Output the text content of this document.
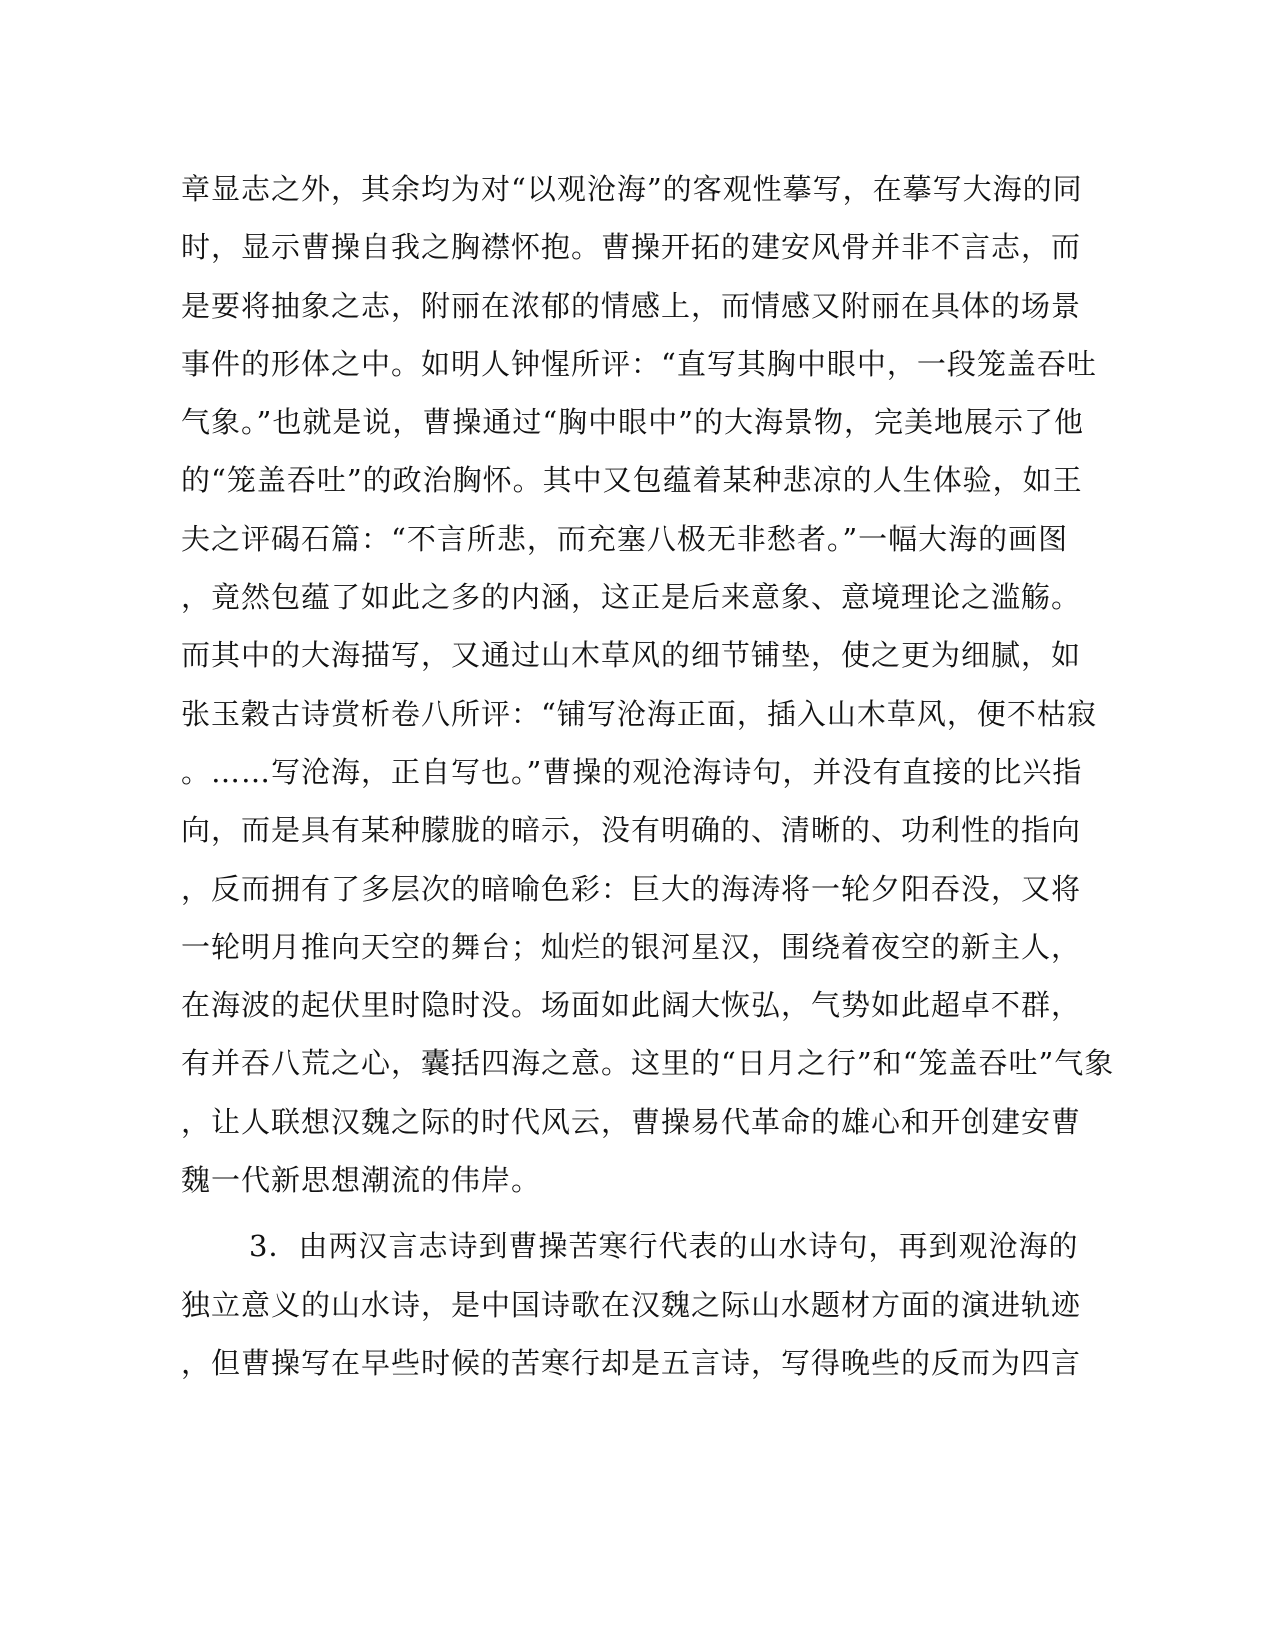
章显志之外，其余均为对“以观沧海”的客观性摹写，在摹写大海的同
时，显示曹操自我之胸襟怀抱。曹操开拓的建安风骨并非不言志，而
是要将抽象之志，附丽在浓郁的情感上，而情感又附丽在具体的场景
事件的形体之中。如明人钟惺所评：“直写其胸中眼中，一段笼盖吞吐
气象。”也就是说，曹操通过“胸中眼中”的大海景物，完美地展示了他
的“笼盖吞吐”的政治胸怀。其中又包蕴着某种悲凉的人生体验，如王
夫之评碣石篇：“不言所悲，而充塞八极无非愁者。”一幅大海的画图
，竟然包蕴了如此之多的内涵，这正是后来意象、意境理论之滥觞。
而其中的大海描写，又通过山木草风的细节铺垫，使之更为细腻，如
张玉穀古诗赏析卷八所评：“铺写沧海正面，插入山木草风，便不枯寂
。……写沧海，正自写也。”曹操的观沧海诗句，并没有直接的比兴指
向，而是具有某种朦胧的暗示，没有明确的、清晰的、功利性的指向
，反而拥有了多层次的暗喻色彩：巨大的海涛将一轮夕阳吞没，又将
一轮明月推向天空的舞台；灿烂的银河星汉，围绕着夜空的新主人，
在海波的起伏里时隐时没。场面如此阔大恢弘，气势如此超卓不群，
有并吞八荒之心，囊括四海之意。这里的“日月之行”和“笼盖吞吐”气象
，让人联想汉魏之际的时代风云，曹操易代革命的雄心和开创建安曹
魏一代新思想潮流的伟岸。
3．由两汉言志诗到曹操苦寒行代表的山水诗句，再到观沧海的
独立意义的山水诗，是中国诗歌在汉魏之际山水题材方面的演进轨迹
，但曹操写在早些时候的苦寒行却是五言诗，写得晚些的反而为四言
